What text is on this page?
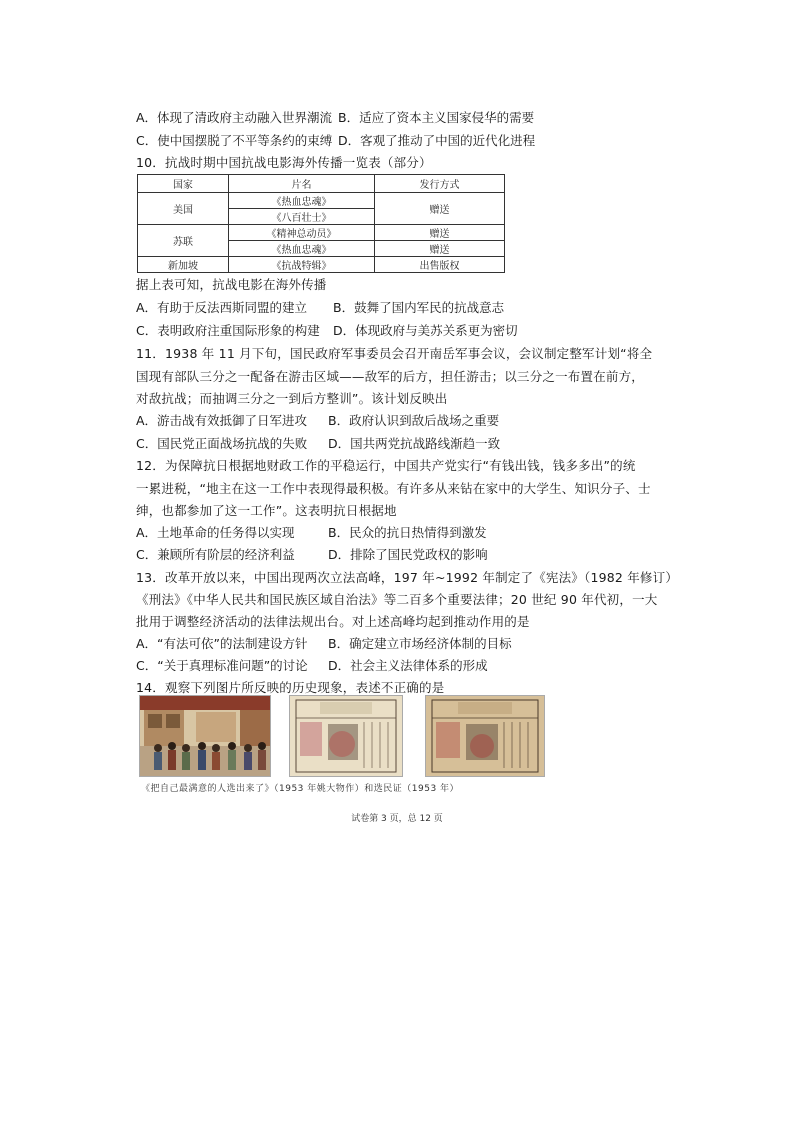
A．体现了清政府主动融入世界潮流 B．适应了资本主义国家侵华的需要
C．使中国摆脱了不平等条约的束缚 D．客观了推动了中国的近代化进程
10．抗战时期中国抗战电影海外传播一览表（部分）
国家	片名	发行方式
美国	《热血忠魂》	赠送
	《八百壮士》	
苏联	《精神总动员》	赠送
	《热血忠魂》	赠送
新加坡	《抗战特辑》	出售版权
据上表可知，抗战电影在海外传播
A．有助于反法西斯同盟的建立 B．鼓舞了国内军民的抗战意志
C．表明政府注重国际形象的构建 D．体现政府与美苏关系更为密切
11．1938 年 11 月下旬，国民政府军事委员会召开南岳军事会议，会议制定整军计划“将全
国现有部队三分之一配备在游击区域——敌军的后方，担任游击；以三分之一布置在前方，
对敌抗战；而抽调三分之一到后方整训”。该计划反映出
A．游击战有效抵御了日军进攻 B．政府认识到敌后战场之重要
C．国民党正面战场抗战的失败 D．国共两党抗战路线渐趋一致
12．为保障抗日根据地财政工作的平稳运行，中国共产党实行“有钱出钱，钱多多出”的统
一累进税，“地主在这一工作中表现得最积极。有许多从来钻在家中的大学生、知识分子、士
绅，也都参加了这一工作”。这表明抗日根据地
A．土地革命的任务得以实现	B．民众的抗日热情得到激发
C．兼顾所有阶层的经济利益	D．排除了国民党政权的影响
13．改革开放以来，中国出现两次立法高峰，197 年~1992 年制定了《宪法》（1982 年修订）
《刑法》《中华人民共和国民族区域自治法》等二百多个重要法律；20 世纪 90 年代初，一大
批用于调整经济活动的法律法规出台。对上述高峰均起到推动作用的是
A．“有法可依”的法制建设方针 B．确定建立市场经济体制的目标
C．“关于真理标准问题”的讨论 D．社会主义法律体系的形成
14．观察下列图片所反映的历史现象，表述不正确的是
《把自己最满意的人选出来了》（1953 年姚大物作）和选民证（1953 年）
试卷第 3 页，总 12 页
